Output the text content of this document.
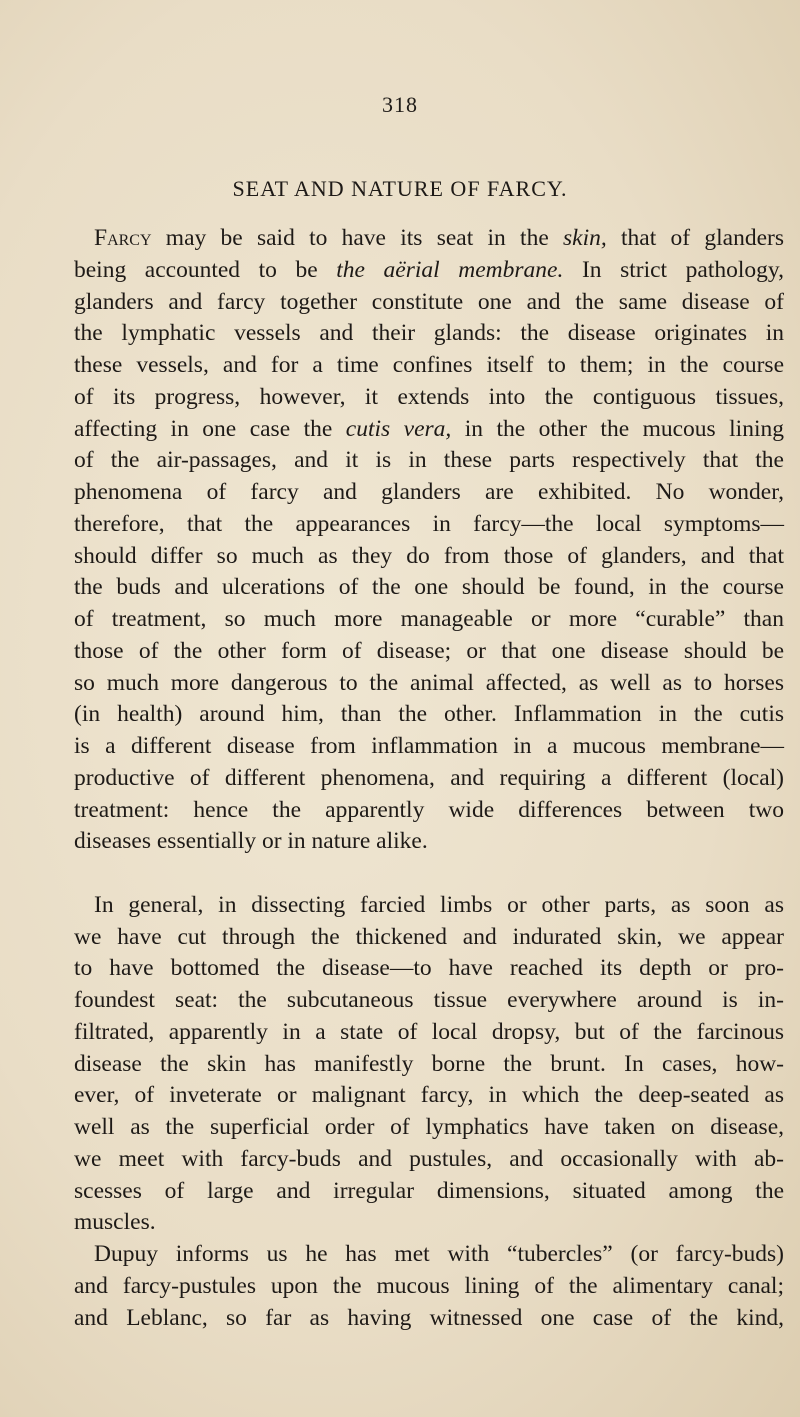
318
SEAT AND NATURE OF FARCY.
Farcy may be said to have its seat in the skin, that of glanders
being accounted to be the aërial membrane. In strict pathology,
glanders and farcy together constitute one and the same disease of
the lymphatic vessels and their glands: the disease originates in
these vessels, and for a time confines itself to them; in the course
of its progress, however, it extends into the contiguous tissues,
affecting in one case the cutis vera, in the other the mucous lining
of the air-passages, and it is in these parts respectively that the
phenomena of farcy and glanders are exhibited. No wonder,
therefore, that the appearances in farcy—the local symptoms—
should differ so much as they do from those of glanders, and that
the buds and ulcerations of the one should be found, in the course
of treatment, so much more manageable or more “curable” than
those of the other form of disease; or that one disease should be
so much more dangerous to the animal affected, as well as to horses
(in health) around him, than the other. Inflammation in the cutis
is a different disease from inflammation in a mucous membrane—
productive of different phenomena, and requiring a different (local)
treatment: hence the apparently wide differences between two
diseases essentially or in nature alike.
In general, in dissecting farcied limbs or other parts, as soon as
we have cut through the thickened and indurated skin, we appear
to have bottomed the disease—to have reached its depth or pro-
foundest seat: the subcutaneous tissue everywhere around is in-
filtrated, apparently in a state of local dropsy, but of the farcinous
disease the skin has manifestly borne the brunt. In cases, how-
ever, of inveterate or malignant farcy, in which the deep-seated as
well as the superficial order of lymphatics have taken on disease,
we meet with farcy-buds and pustules, and occasionally with ab-
scesses of large and irregular dimensions, situated among the
muscles.
Dupuy informs us he has met with “tubercles” (or farcy-buds)
and farcy-pustules upon the mucous lining of the alimentary canal;
and Leblanc, so far as having witnessed one case of the kind,
